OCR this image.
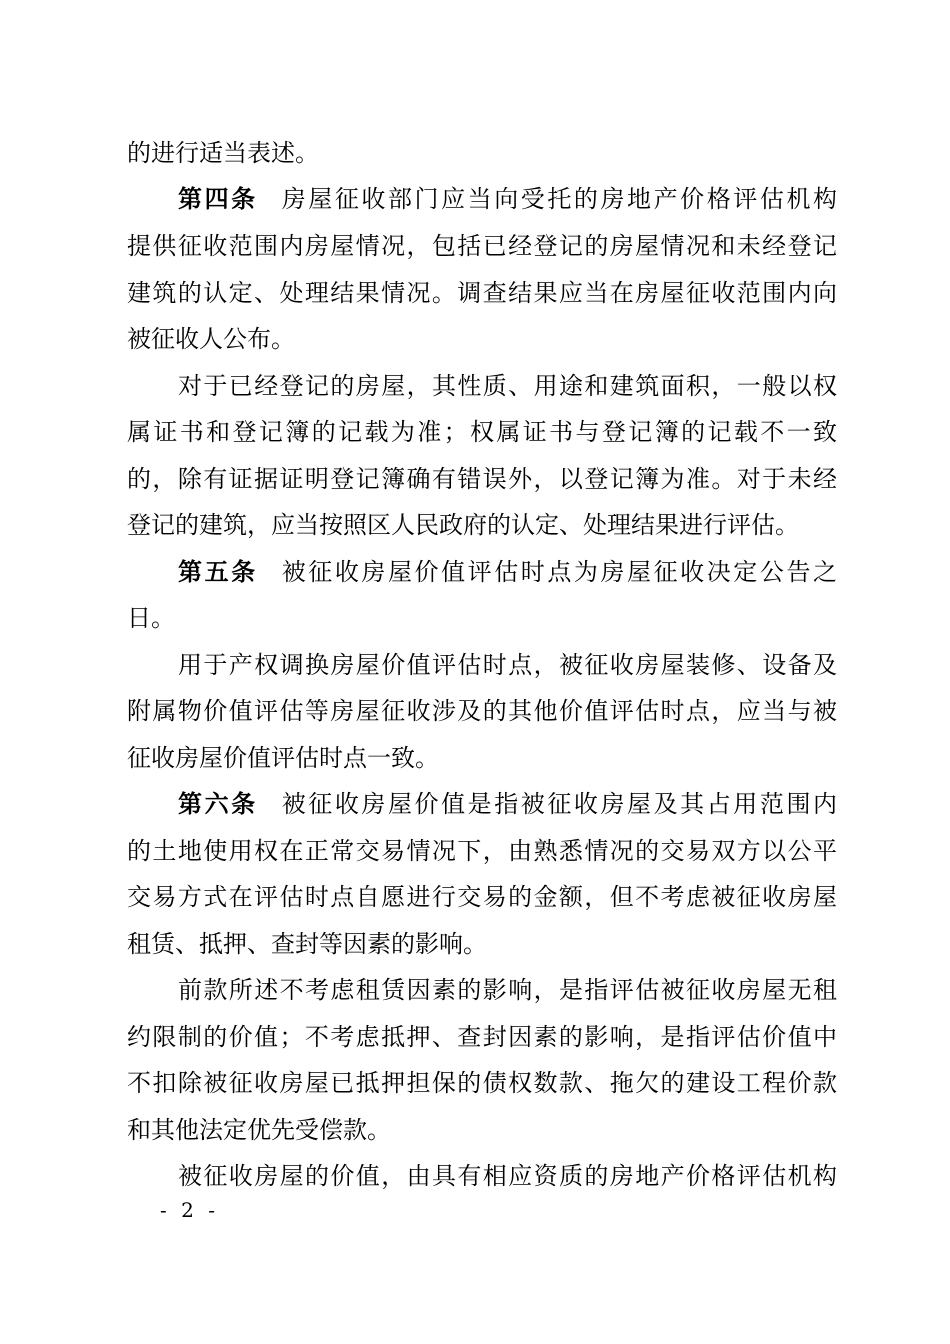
的进行适当表述。
第四条 房屋征收部门应当向受托的房地产价格评估机构
提供征收范围内房屋情况，包括已经登记的房屋情况和未经登记
建筑的认定、处理结果情况。调查结果应当在房屋征收范围内向
被征收人公布。
对于已经登记的房屋，其性质、用途和建筑面积，一般以权
属证书和登记簿的记载为准；权属证书与登记簿的记载不一致
的，除有证据证明登记簿确有错误外，以登记簿为准。对于未经
登记的建筑，应当按照区人民政府的认定、处理结果进行评估。
第五条 被征收房屋价值评估时点为房屋征收决定公告之
日。
用于产权调换房屋价值评估时点，被征收房屋装修、设备及
附属物价值评估等房屋征收涉及的其他价值评估时点，应当与被
征收房屋价值评估时点一致。
第六条 被征收房屋价值是指被征收房屋及其占用范围内
的土地使用权在正常交易情况下，由熟悉情况的交易双方以公平
交易方式在评估时点自愿进行交易的金额，但不考虑被征收房屋
租赁、抵押、查封等因素的影响。
前款所述不考虑租赁因素的影响，是指评估被征收房屋无租
约限制的价值；不考虑抵押、查封因素的影响，是指评估价值中
不扣除被征收房屋已抵押担保的债权数款、拖欠的建设工程价款
和其他法定优先受偿款。
被征收房屋的价值，由具有相应资质的房地产价格评估机构
- 2 -
